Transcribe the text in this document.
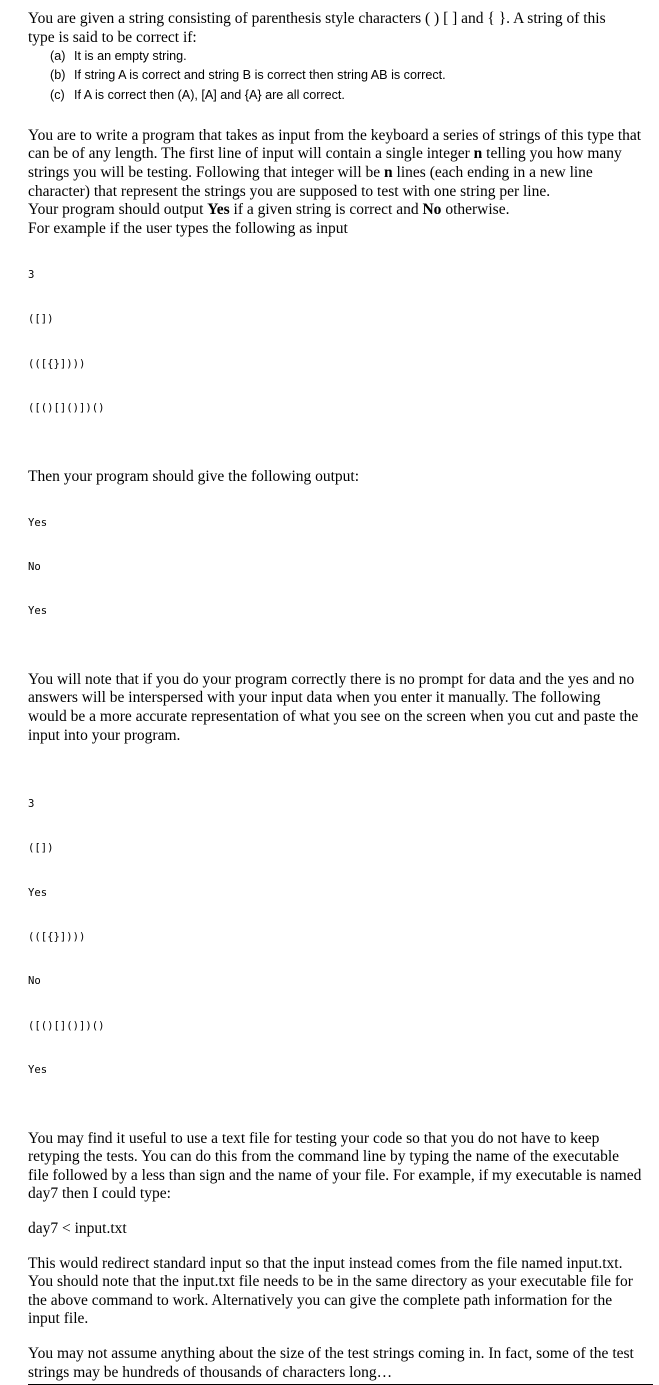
You are given a string consisting of parenthesis style characters ( ) [ ] and { }. A string of this
type is said to be correct if:

(a) It is an empty string.
(b) If string A is correct and string B is correct then string AB is correct.
(c) If A is correct then (A), [A] and {A} are all correct.

You are to write a program that takes as input from the keyboard a series of strings of this type that can be of any length. The first line of input will contain a single integer n telling you how many strings you will be testing. Following that integer will be n lines (each ending in a new line character) that represent the strings you are supposed to test with one string per line.
Your program should output Yes if a given string is correct and No otherwise.
For example if the user types the following as input

3

([])

(([{}])))

([()[]()])()

Then your program should give the following output:

Yes

No

Yes

You will note that if you do your program correctly there is no prompt for data and the yes and no answers will be interspersed with your input data when you enter it manually. The following would be a more accurate representation of what you see on the screen when you cut and paste the input into your program.

3

([])

Yes

(([{}])))

No

([()[]()])()

Yes

You may find it useful to use a text file for testing your code so that you do not have to keep retyping the tests. You can do this from the command line by typing the name of the executable file followed by a less than sign and the name of your file. For example, if my executable is named day7 then I could type:

day7 < input.txt

This would redirect standard input so that the input instead comes from the file named input.txt. You should note that the input.txt file needs to be in the same directory as your executable file for the above command to work. Alternatively you can give the complete path information for the input file.

You may not assume anything about the size of the test strings coming in. In fact, some of the test strings may be hundreds of thousands of characters long…
